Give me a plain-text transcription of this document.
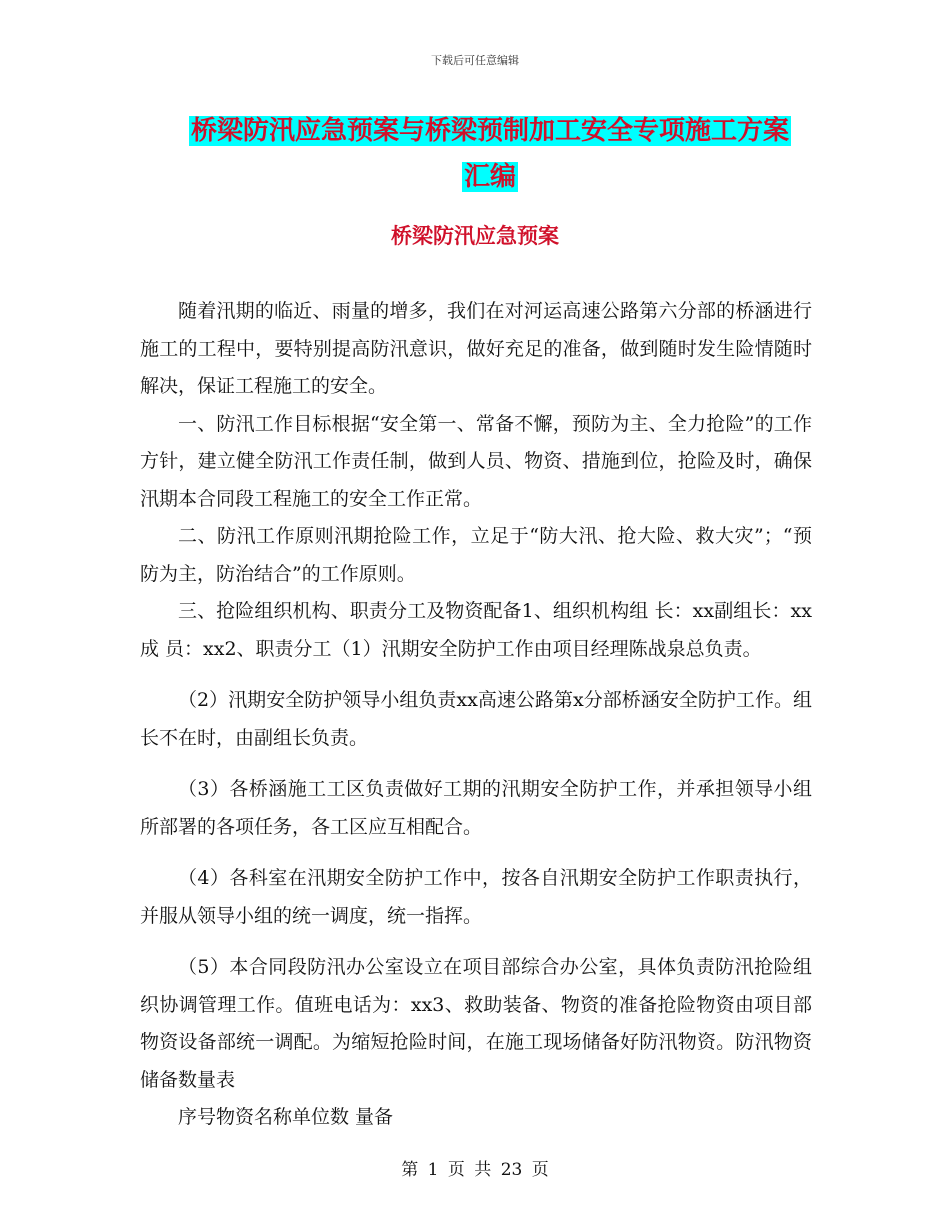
下载后可任意编辑
桥梁防汛应急预案与桥梁预制加工安全专项施工方案
汇编
桥梁防汛应急预案

随着汛期的临近、雨量的增多，我们在对河运高速公路第六分部的桥涵进行施工的工程中，要特别提高防汛意识，做好充足的准备，做到随时发生险情随时解决，保证工程施工的安全。

一、防汛工作目标根据“安全第一、常备不懈，预防为主、全力抢险”的工作方针，建立健全防汛工作责任制，做到人员、物资、措施到位，抢险及时，确保汛期本合同段工程施工的安全工作正常。

二、防汛工作原则汛期抢险工作，立足于“防大汛、抢大险、救大灾”；“预防为主，防治结合”的工作原则。

三、抢险组织机构、职责分工及物资配备1、组织机构组 长：xx副组长：xx成 员：xx2、职责分工（1）汛期安全防护工作由项目经理陈战泉总负责。

（2）汛期安全防护领导小组负责xx高速公路第x分部桥涵安全防护工作。组长不在时，由副组长负责。

（3）各桥涵施工工区负责做好工期的汛期安全防护工作，并承担领导小组所部署的各项任务，各工区应互相配合。

（4）各科室在汛期安全防护工作中，按各自汛期安全防护工作职责执行，并服从领导小组的统一调度，统一指挥。

（5）本合同段防汛办公室设立在项目部综合办公室，具体负责防汛抢险组织协调管理工作。值班电话为：xx3、救助装备、物资的准备抢险物资由项目部物资设备部统一调配。为缩短抢险时间，在施工现场储备好防汛物资。防汛物资储备数量表

序号物资名称单位数 量备

第 1 页 共 23 页
